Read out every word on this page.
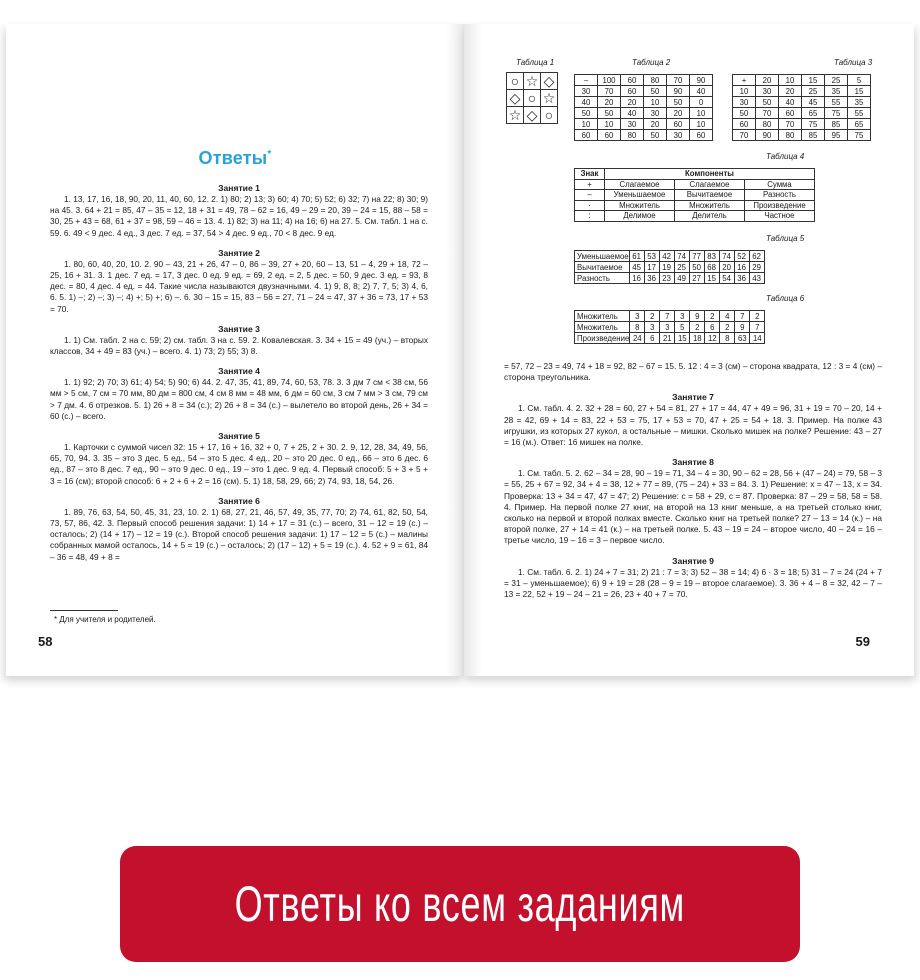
Ответы*
Занятие 1
1. 13, 17, 16, 18, 90, 20, 11, 40, 60, 12. 2. 1) 80; 2) 13; 3) 60; 4) 70; 5) 52; 6) 32; 7) на 22; 8) 30; 9) на 45. 3. 64 + 21 = 85, 47 – 35 = 12, 18 + 31 = 49, 78 – 62 = 16, 49 – 29 = 20, 39 – 24 = 15, 88 – 58 = 30, 25 + 43 = 68, 61 + 37 = 98, 59 – 46 = 13. 4. 1) 82; 3) на 11; 4) на 16; 6) на 27. 5. См. табл. 1 на с. 59. 6. 49 < 9 дес. 4 ед., 3 дес. 7 ед. = 37, 54 > 4 дес. 9 ед., 70 < 8 дес. 9 ед.
Занятие 2
1. 80, 60, 40, 20, 10. 2. 90 – 43, 21 + 26, 47 – 0, 86 – 39, 27 + 20, 60 – 13, 51 – 4, 29 + 18, 72 – 25, 16 + 31. 3. 1 дес. 7 ед. = 17, 3 дес. 0 ед. 9 ед. = 69, 2 ед. = 2, 5 дес. = 50, 9 дес. 3 ед. = 93, 8 дес. = 80, 4 дес. 4 ед. = 44. Такие числа называются двузначными. 4. 1) 9, 8, 8; 2) 7, 7, 5; 3) 4, 6, 6. 5. 1) –; 2) –; 3) –; 4) +; 5) +; 6) –. 6. 30 – 15 = 15, 83 – 56 = 27, 71 – 24 = 47, 37 + 36 = 73, 17 + 53 = 70.
Занятие 3
1. 1) См. табл. 2 на с. 59; 2) см. табл. 3 на с. 59. 2. Ковалевская. 3. 34 + 15 = 49 (уч.) – вторых классов, 34 + 49 = 83 (уч.) – всего. 4. 1) 73; 2) 55; 3) 8.
Занятие 4
1. 1) 92; 2) 70; 3) 61; 4) 54; 5) 90; 6) 44. 2. 47, 35, 41, 89, 74, 60, 53, 78. 3. 3 дм 7 см < 38 см, 56 мм > 5 см, 7 см = 70 мм, 80 дм = 800 см, 4 см 8 мм = 48 мм, 6 дм = 60 см, 3 см 7 мм > 3 см, 79 см > 7 дм. 4. 6 отрезков. 5. 1) 26 + 8 = 34 (с.); 2) 26 + 8 = 34 (с.) – вылетело во второй день, 26 + 34 = 60 (с.) – всего.
Занятие 5
1. Карточки с суммой чисел 32: 15 + 17, 16 + 16, 32 + 0, 7 + 25, 2 + 30. 2. 9, 12, 28, 34, 49, 56, 65, 70, 94. 3. 35 – это 3 дес. 5 ед., 54 – это 5 дес. 4 ед., 20 – это 20 дес. 0 ед., 66 – это 6 дес. 6 ед., 87 – это 8 дес. 7 ед., 90 – это 9 дес. 0 ед., 19 – это 1 дес. 9 ед. 4. Первый способ: 5 + 3 + 5 + 3 = 16 (см); второй способ: 6 + 2 + 6 + 2 = 16 (см). 5. 1) 18, 58, 29, 66; 2) 74, 93, 18, 54, 26.
Занятие 6
1. 89, 76, 63, 54, 50, 45, 31, 23, 10. 2. 1) 68, 27, 21, 46, 57, 49, 35, 77, 70; 2) 74, 61, 82, 50, 54, 73, 57, 86, 42. 3. Первый способ решения задачи: 1) 14 + 17 = 31 (с.) – всего, 31 – 12 = 19 (с.) – осталось; 2) (14 + 17) – 12 = 19 (с.). Второй способ решения задачи: 1) 17 – 12 = 5 (с.) – малины собранных мамой осталось, 14 + 5 = 19 (с.) – осталось; 2) (17 – 12) + 5 = 19 (с.). 4. 52 + 9 = 61, 84 – 36 = 48, 49 + 8 =
* Для учителя и родителей.
58
Таблица 1
○	☆	◇
◇	○	☆
☆	◇	○
Таблица 2
–	100	60	80	70	90
30	70	60	50	90	40
40	20	20	10	50	0
50	50	40	30	20	10
10	10	30	20	60	10
60	60	80	50	30	60
Таблица 3
+	20	10	15	25	5
10	30	20	25	35	15
30	50	40	45	55	35
50	70	60	65	75	55
60	80	70	75	85	65
70	90	80	85	95	75
Таблица 4
Знак	Компоненты		
+	Слагаемое	Слагаемое	Сумма
–	Уменьшаемое	Вычитаемое	Разность
·	Множитель	Множитель	Произведение
:	Делимое	Делитель	Частное
Таблица 5
Уменьшаемое	61	53	42	74	77	83	74	52	62
Вычитаемое	45	17	19	25	50	68	20	16	29
Разность	16	36	23	49	27	15	54	36	43
Таблица 6
Множитель	3	2	7	3	9	2	4	7	2
Множитель	8	3	3	5	2	6	2	9	7
Произведение	24	6	21	15	18	12	8	63	14
= 57, 72 – 23 = 49, 74 + 18 = 92, 82 – 67 = 15. 5. 12 : 4 = 3 (см) – сторона квадрата, 12 : 3 = 4 (см) – сторона треугольника.
Занятие 7
1. См. табл. 4. 2. 32 + 28 = 60, 27 + 54 = 81, 27 + 17 = 44, 47 + 49 = 96, 31 + 19 = 70 – 20, 14 + 28 = 42, 69 + 14 = 83, 22 + 53 = 75, 17 + 53 = 70, 47 + 25 = 54 + 18. 3. Пример. На полке 43 игрушки, из которых 27 кукол, а остальные – мишки. Сколько мишек на полке? Решение: 43 – 27 = 16 (м.). Ответ: 16 мишек на полке.
Занятие 8
1. См. табл. 5. 2. 62 – 34 = 28, 90 – 19 = 71, 34 – 4 = 30, 90 – 62 = 28, 56 + (47 – 24) = 79, 58 – 3 = 55, 25 + 67 = 92, 34 + 4 = 38, 12 + 77 = 89, (75 – 24) + 33 = 84. 3. 1) Решение: x = 47 – 13, x = 34. Проверка: 13 + 34 = 47, 47 = 47; 2) Решение: c = 58 + 29, c = 87. Проверка: 87 – 29 = 58, 58 = 58. 4. Пример. На первой полке 27 книг, на второй на 13 книг меньше, а на третьей столько книг, сколько на первой и второй полках вместе. Сколько книг на третьей полке? 27 – 13 = 14 (к.) – на второй полке, 27 + 14 = 41 (к.) – на третьей полке. 5. 43 – 19 = 24 – второе число, 40 – 24 = 16 – третье число, 19 – 16 = 3 – первое число.
Занятие 9
1. См. табл. 6. 2. 1) 24 + 7 = 31; 2) 21 : 7 = 3; 3) 52 – 38 = 14; 4) 6 · 3 = 18; 5) 31 – 7 = 24 (24 + 7 = 31 – уменьшаемое); 6) 9 + 19 = 28 (28 – 9 = 19 – второе слагаемое). 3. 36 + 4 – 8 = 32, 42 – 7 – 13 = 22, 52 + 19 – 24 – 21 = 26, 23 + 40 + 7 = 70.
59
Ответы ко всем заданиям
